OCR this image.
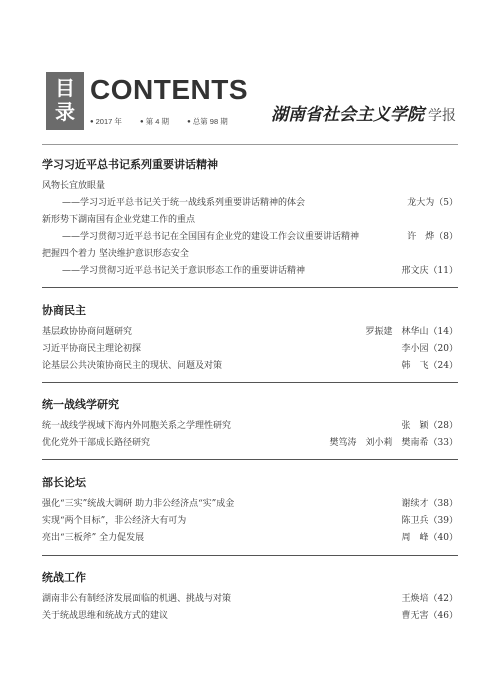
目录
CONTENTS
● 2017 年	● 第 4 期	● 总第 98 期	湖南省社会主义学院 学报
学习习近平总书记系列重要讲话精神
风物长宜放眼量
——学习习近平总书记关于统一战线系列重要讲话精神的体会	龙大为（5）
新形势下湖南国有企业党建工作的重点
——学习贯彻习近平总书记在全国国有企业党的建设工作会议重要讲话精神	许　烨（8）
把握四个着力 坚决维护意识形态安全
——学习贯彻习近平总书记关于意识形态工作的重要讲话精神	邢文庆（11）
协商民主
基层政协协商问题研究	罗振建　林华山（14）
习近平协商民主理论初探	李小园（20）
论基层公共决策协商民主的现状、问题及对策	韩　飞（24）
统一战线学研究
统一战线学视域下海内外同胞关系之学理性研究	张　颖（28）
优化党外干部成长路径研究	樊笃涛　刘小莉　樊南希（33）
部长论坛
强化“三实”统战大调研 助力非公经济点“实”成金	谢续才（38）
实现“两个目标”，非公经济大有可为	陈卫兵（39）
亮出“三板斧” 全力促发展	周　峰（40）
统战工作
湖南非公有制经济发展面临的机遇、挑战与对策	王焕培（42）
关于统战思维和统战方式的建议	曹无害（46）
